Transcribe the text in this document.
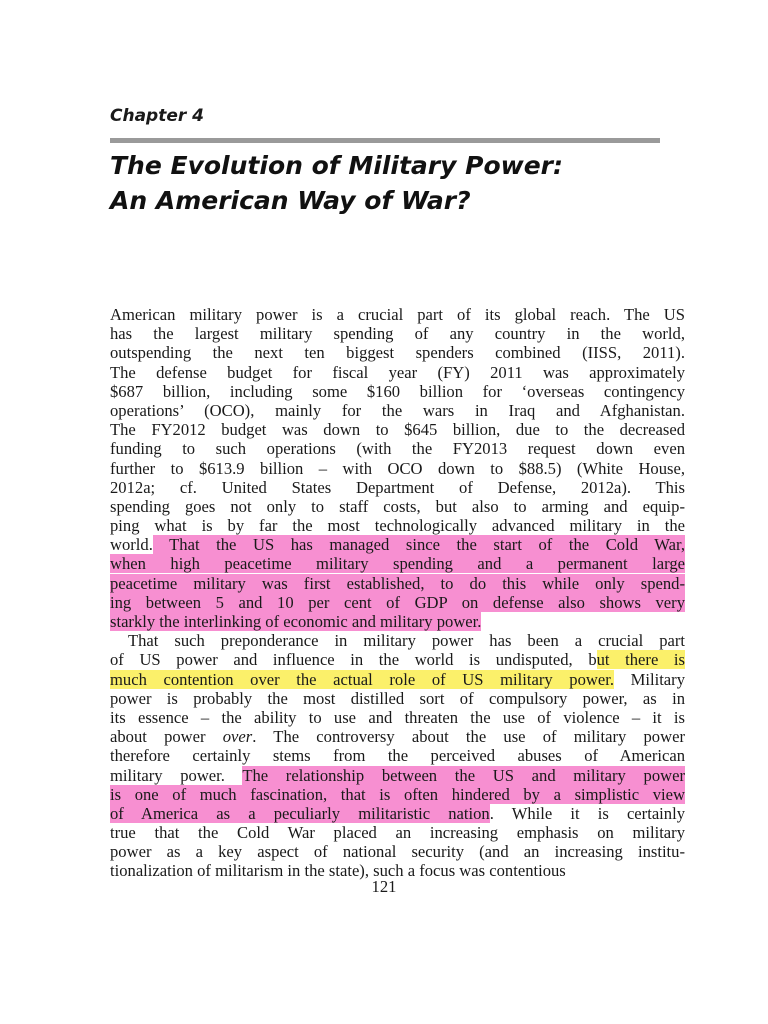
Chapter 4
The Evolution of Military Power:
An American Way of War?
American military power is a crucial part of its global reach. The US
has the largest military spending of any country in the world,
outspending the next ten biggest spenders combined (IISS, 2011).
The defense budget for fiscal year (FY) 2011 was approximately
$687 billion, including some $160 billion for ‘overseas contingency
operations’ (OCO), mainly for the wars in Iraq and Afghanistan.
The FY2012 budget was down to $645 billion, due to the decreased
funding to such operations (with the FY2013 request down even
further to $613.9 billion – with OCO down to $88.5) (White House,
2012a; cf. United States Department of Defense, 2012a). This
spending goes not only to staff costs, but also to arming and equip-
ping what is by far the most technologically advanced military in the
world. That the US has managed since the start of the Cold War,
when high peacetime military spending and a permanent large
peacetime military was first established, to do this while only spend-
ing between 5 and 10 per cent of GDP on defense also shows very
starkly the interlinking of economic and military power.
That such preponderance in military power has been a crucial part
of US power and influence in the world is undisputed, but there is
much contention over the actual role of US military power. Military
power is probably the most distilled sort of compulsory power, as in
its essence – the ability to use and threaten the use of violence – it is
about power over. The controversy about the use of military power
therefore certainly stems from the perceived abuses of American
military power. The relationship between the US and military power
is one of much fascination, that is often hindered by a simplistic view
of America as a peculiarly militaristic nation. While it is certainly
true that the Cold War placed an increasing emphasis on military
power as a key aspect of national security (and an increasing institu-
tionalization of militarism in the state), such a focus was contentious
121
